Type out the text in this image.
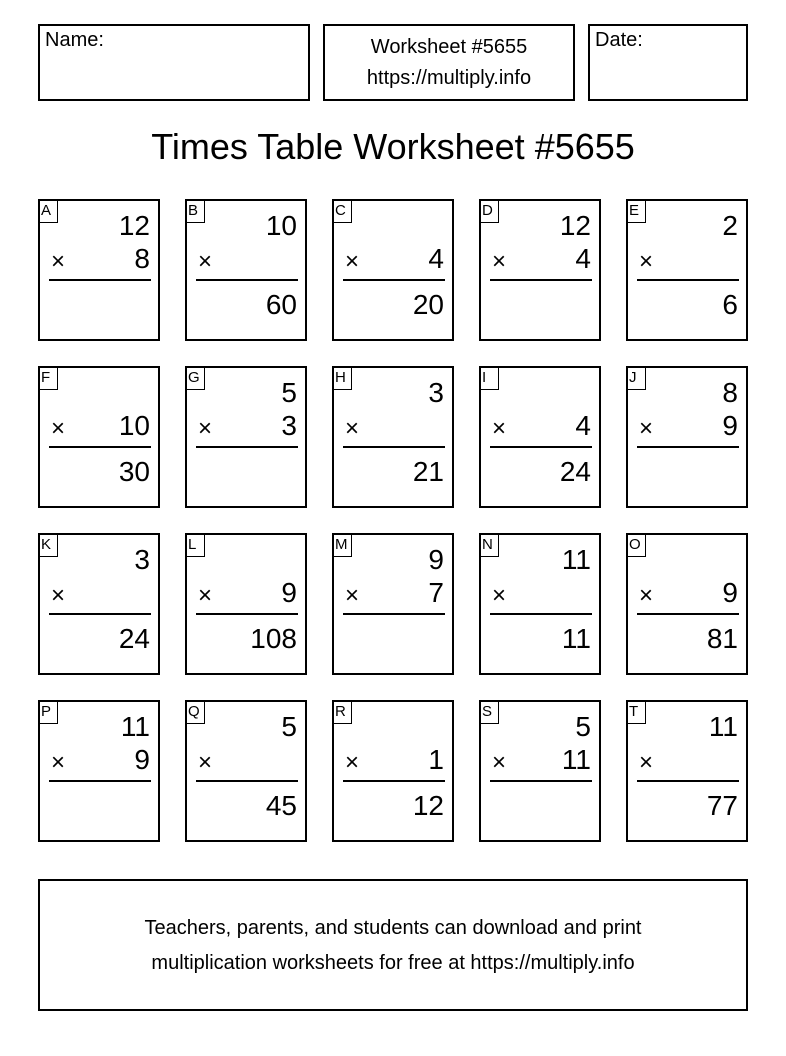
Name:	Worksheet #5655
https://multiply.info
Date:
Times Table Worksheet #5655
A 12
× 8
B 10
×
60
C
× 4
20
D 12
× 4
E	2
×
6
F
× 10
30
G	5
× 3
H	3
×
21
I
× 4
24
J	8
× 9
K	3
×
24
L
× 9
108
M	9
× 7
N 11
×
11
O
× 9
81
P 11
× 9
Q	5
×
45
R
× 1
12
S	5
× 11
T	11
×
77
Teachers, parents, and students can download and print
multiplication worksheets for free at https://multiply.info
